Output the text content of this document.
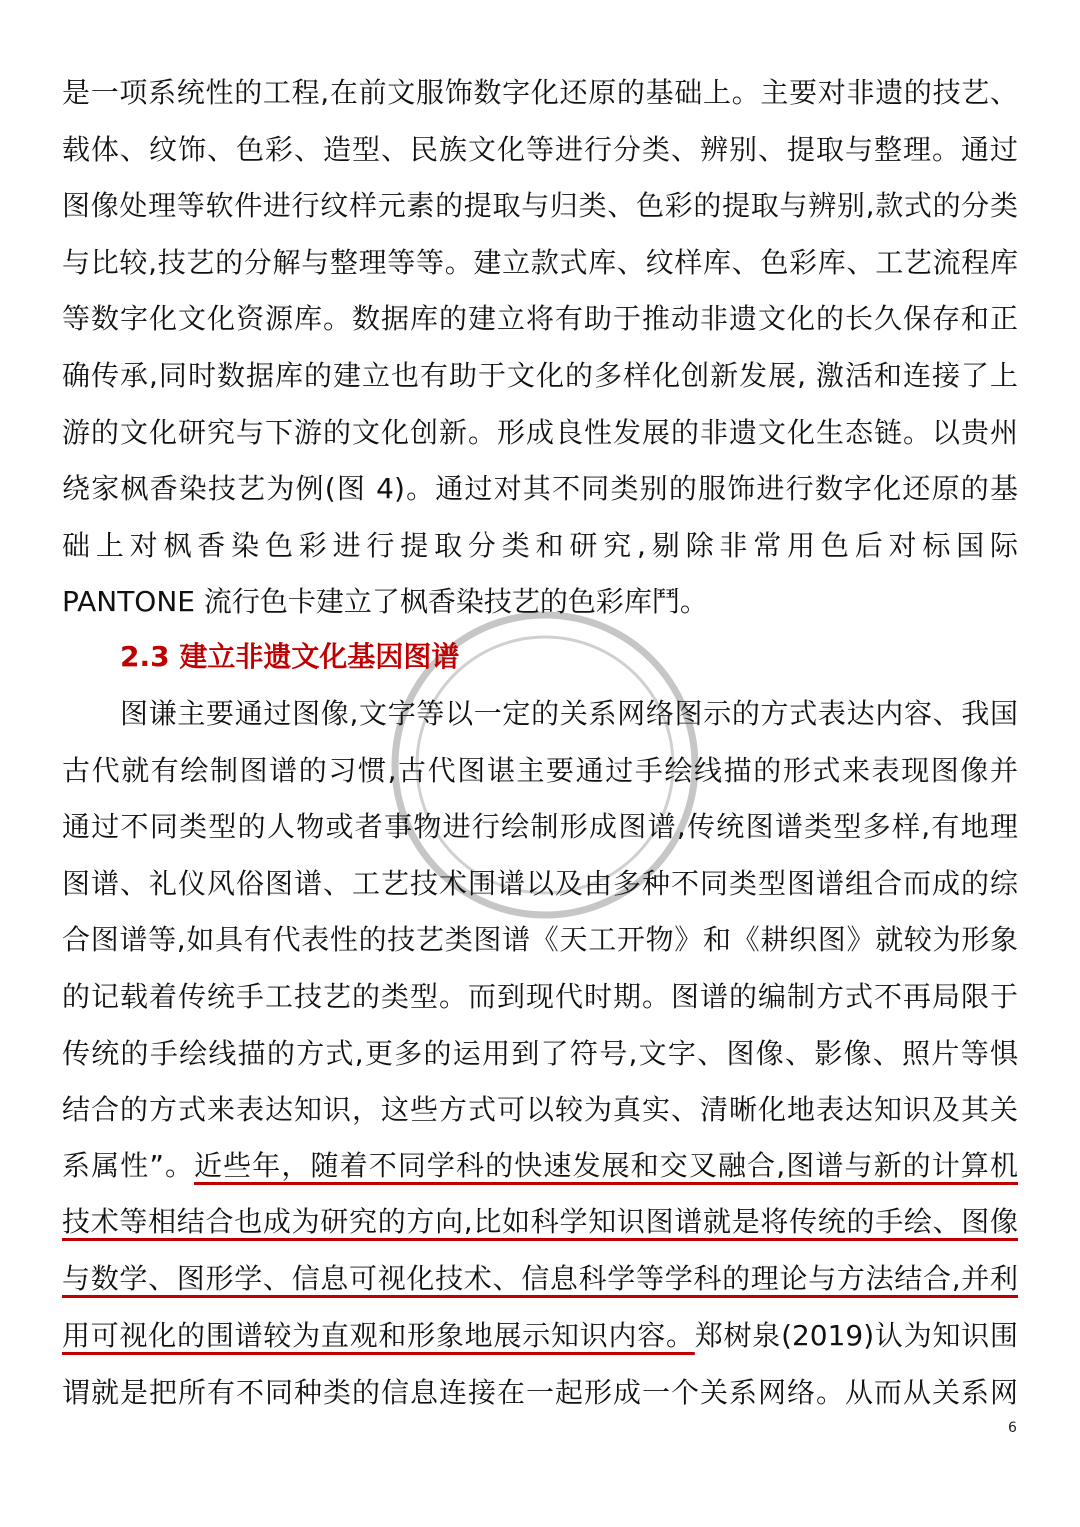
是一项系统性的工程,在前文服饰数字化还原的基础上。主要对非遗的技艺、
载体、纹饰、色彩、造型、民族文化等进行分类、辨别、提取与整理。通过
图像处理等软件进行纹样元素的提取与归类、色彩的提取与辨别,款式的分类
与比较,技艺的分解与整理等等。建立款式库、纹样库、色彩库、工艺流程库
等数字化文化资源库。数据库的建立将有助于推动非遗文化的长久保存和正
确传承,同时数据库的建立也有助于文化的多样化创新发展, 激活和连接了上
游的文化研究与下游的文化创新。形成良性发展的非遗文化生态链。以贵州
绕家枫香染技艺为例(图 4)。通过对其不同类别的服饰进行数字化还原的基
础上对枫香染色彩进行提取分类和研究,剔除非常用色后对标国际
PANTONE 流行色卡建立了枫香染技艺的色彩库鬥。
2.3 建立非遗文化基因图谱
图谦主要通过图像,文字等以一定的关系网络图示的方式表达内容、我国
古代就有绘制图谱的习惯,古代图谌主要通过手绘线描的形式来表现图像并
通过不同类型的人物或者事物进行绘制形成图谱,传统图谱类型多样,有地理
图谱、礼仪风俗图谱、工艺技术围谱以及由多种不同类型图谱组合而成的综
合图谱等,如具有代表性的技艺类图谱《天工开物》和《耕织图》就较为形象
的记载着传统手工技艺的类型。而到现代时期。图谱的编制方式不再局限于
传统的手绘线描的方式,更多的运用到了符号,文字、图像、影像、照片等惧
结合的方式来表达知识，这些方式可以较为真实、清晰化地表达知识及其关
系属性”。近些年，随着不同学科的快速发展和交叉融合,图谱与新的计算机
技术等相结合也成为研究的方向,比如科学知识图谱就是将传统的手绘、图像
与数学、图形学、信息可视化技术、信息科学等学科的理论与方法结合,并利
用可视化的围谱较为直观和形象地展示知识内容。郑树泉(2019)认为知识围
谓就是把所有不同种类的信息连接在一起形成一个关系网络。从而从关系网
6
